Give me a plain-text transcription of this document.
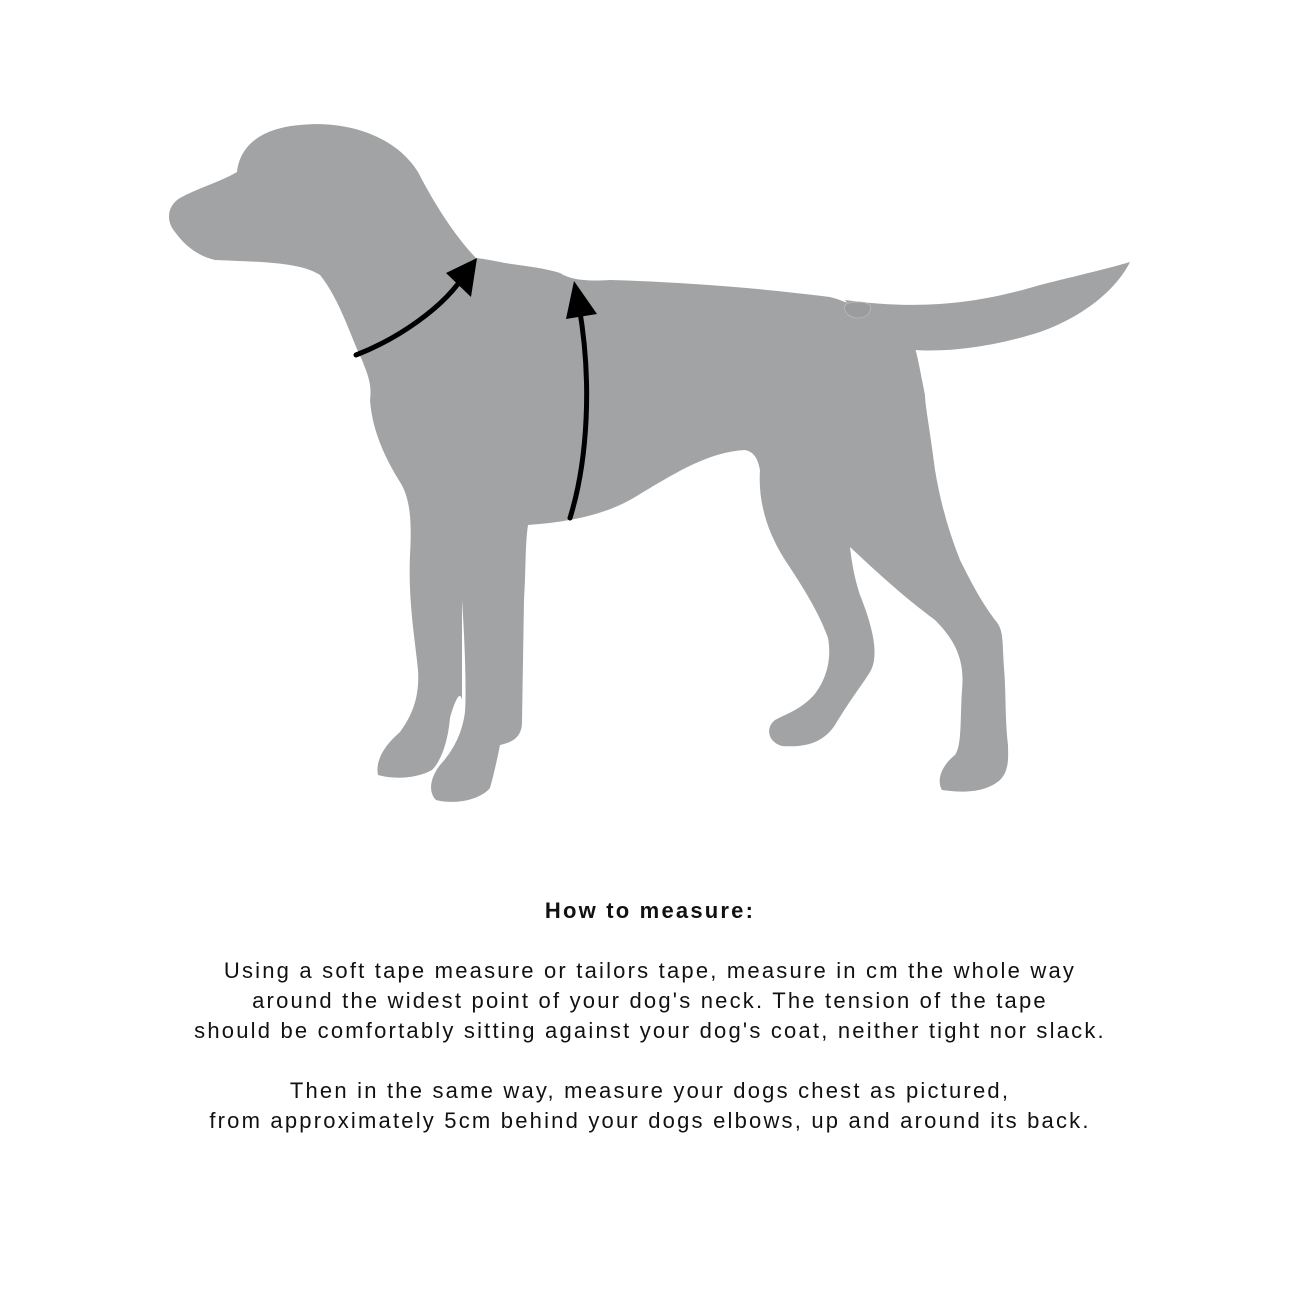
How to measure:
Using a soft tape measure or tailors tape, measure in cm the whole way
around the widest point of your dog's neck. The tension of the tape
should be comfortably sitting against your dog's coat, neither tight nor slack.
Then in the same way, measure your dogs chest as pictured,
from approximately 5cm behind your dogs elbows, up and around its back.
